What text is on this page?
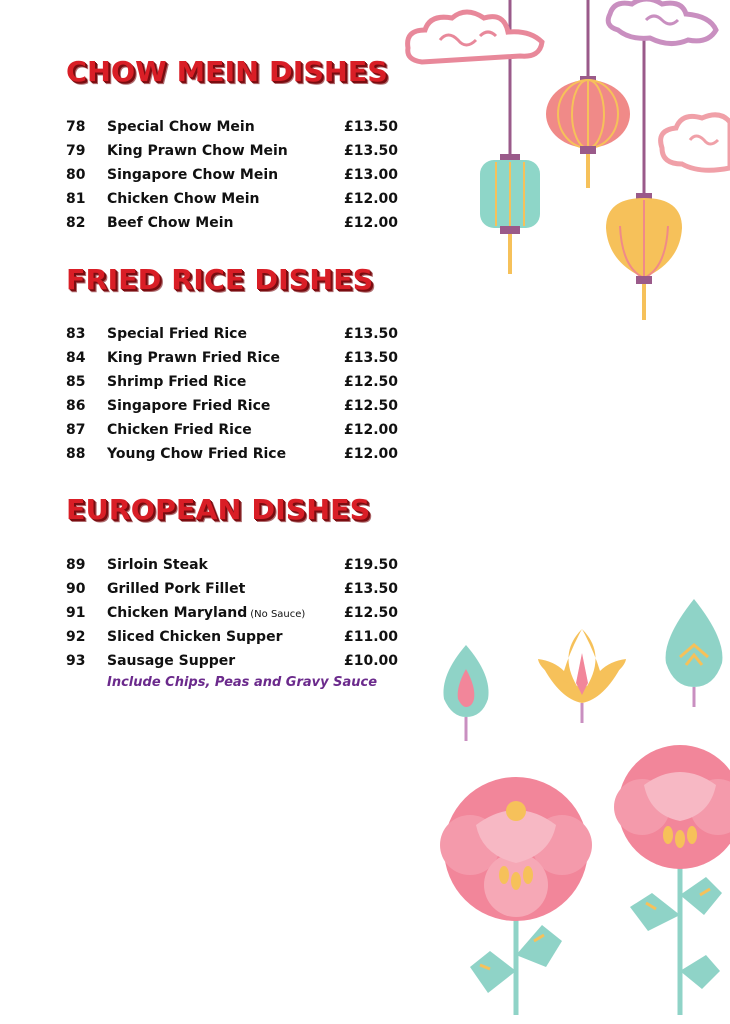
CHOW MEIN DISHES
78 Special Chow Mein	£13.50
79 King Prawn Chow Mein	£13.50
80 Singapore Chow Mein	£13.00
81 Chicken Chow Mein	£12.00
82 Beef Chow Mein	£12.00
FRIED RICE DISHES
83 Special Fried Rice	£13.50
84 King Prawn Fried Rice	£13.50
85 Shrimp Fried Rice	£12.50
86 Singapore Fried Rice	£12.50
87 Chicken Fried Rice	£12.00
88 Young Chow Fried Rice	£12.00
EUROPEAN DISHES
89 Sirloin Steak	£19.50
90 Grilled Pork Fillet	£13.50
91 Chicken Maryland (No Sauce)	£12.50
92 Sliced Chicken Supper	£11.00
93 Sausage Supper	£10.00
Include Chips, Peas and Gravy Sauce
